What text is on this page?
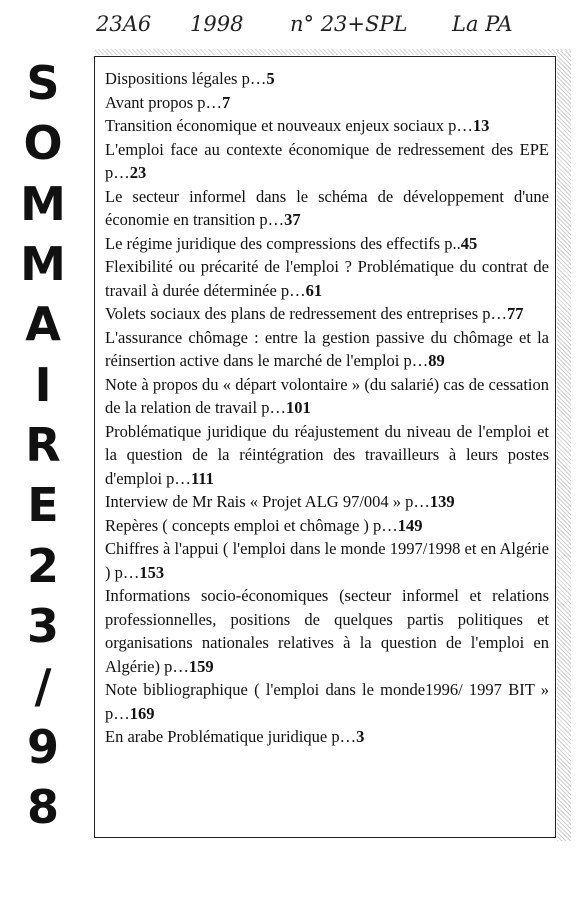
23A6 1998 n° 23+SPL La PA
S
O
M
M
A
I
R
E
2
3
/
9
8

Dispositions légales p…5

Avant propos p…7

Transition économique et nouveaux enjeux sociaux p…13

L'emploi face au contexte économique de redressement des EPE p…23

Le secteur informel dans le schéma de développement d'une économie en transition p…37

Le régime juridique des compressions des effectifs p..45

Flexibilité ou précarité de l'emploi ? Problématique du contrat de travail à durée déterminée p…61

Volets sociaux des plans de redressement des entreprises p…77

L'assurance chômage : entre la gestion passive du chômage et la réinsertion active dans le marché de l'emploi p…89

Note à propos du « départ volontaire » (du salarié) cas de cessation de la relation de travail p…101

Problématique juridique du réajustement du niveau de l'emploi et la question de la réintégration des travailleurs à leurs postes d'emploi p…111

Interview de Mr Rais « Projet ALG 97/004 » p…139

Repères ( concepts emploi et chômage ) p…149

Chiffres à l'appui ( l'emploi dans le monde 1997/1998 et en Algérie ) p…153

Informations socio-économiques (secteur informel et relations professionnelles, positions de quelques partis politiques et organisations nationales relatives à la question de l'emploi en Algérie) p…159

Note bibliographique ( l'emploi dans le monde1996/ 1997 BIT » p…169

En arabe Problématique juridique p…3
